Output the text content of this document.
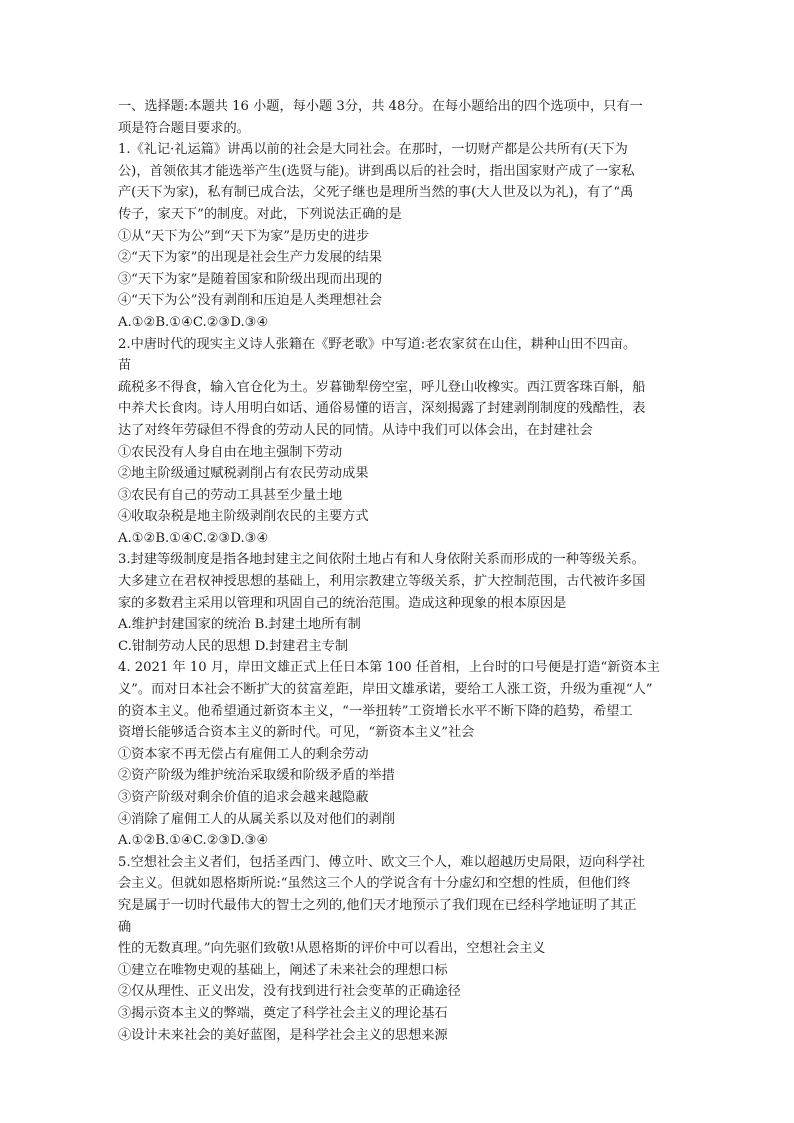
一、选择题:本题共 16 小题，每小题 3分，共 48分。在每小题给出的四个选项中，只有一
项是符合题目要求的。
1.《礼记·礼运篇》讲禹以前的社会是大同社会。在那时，一切财产都是公共所有(天下为
公)，首领依其才能选举产生(选贤与能)。讲到禹以后的社会时，指出国家财产成了一家私
产(天下为家)，私有制已成合法，父死子继也是理所当然的事(大人世及以为礼)，有了“禹
传子，家天下”的制度。对此，下列说法正确的是
①从“天下为公”到“天下为家”是历史的进步
②“天下为家”的出现是社会生产力发展的结果
③“天下为家”是随着国家和阶级出现而出现的
④“天下为公”没有剥削和压迫是人类理想社会
A.①②B.①④C.②③D.③④
2.中唐时代的现实主义诗人张籍在《野老歌》中写道:老农家贫在山住，耕种山田不四亩。
苗
疏税多不得食，输入官仓化为土。岁暮锄犁傍空室，呼儿登山收橡实。西江贾客珠百斛，船
中养犬长食肉。诗人用明白如话、通俗易懂的语言，深刻揭露了封建剥削制度的残酷性，表
达了对终年劳碌但不得食的劳动人民的同情。从诗中我们可以体会出，在封建社会
①农民没有人身自由在地主强制下劳动
②地主阶级通过赋税剥削占有农民劳动成果
③农民有自己的劳动工具甚至少量土地
④收取杂税是地主阶级剥削农民的主要方式
A.①②B.①④C.②③D.③④
3.封建等级制度是指各地封建主之间依附土地占有和人身依附关系而形成的一种等级关系。
大多建立在君权神授思想的基础上，利用宗教建立等级关系，扩大控制范围，古代被许多国
家的多数君主采用以管理和巩固自己的统治范围。造成这种现象的根本原因是
A.维护封建国家的统治 B.封建土地所有制
C.钳制劳动人民的思想 D.封建君主专制
4. 2021 年 10 月，岸田文雄正式上任日本第 100 任首相，上台时的口号便是打造“新资本主
义”。而对日本社会不断扩大的贫富差距，岸田文雄承诺，要给工人涨工资，升级为重视“人”
的资本主义。他希望通过新资本主义，“一举扭转”工资增长水平不断下降的趋势，希望工
资增长能够适合资本主义的新时代。可见，“新资本主义”社会
①资本家不再无偿占有雇佣工人的剩余劳动
②资产阶级为维护统治采取缓和阶级矛盾的举措
③资产阶级对剩余价值的追求会越来越隐蔽
④消除了雇佣工人的从属关系以及对他们的剥削
A.①②B.①④C.②③D.③④
5.空想社会主义者们，包括圣西门、傅立叶、欧文三个人，难以超越历史局限，迈向科学社
会主义。但就如恩格斯所说:“虽然这三个人的学说含有十分虚幻和空想的性质，但他们终
究是属于一切时代最伟大的智士之列的,他们天才地预示了我们现在已经科学地证明了其正
确
性的无数真理。”向先驱们致敬!从恩格斯的评价中可以看出，空想社会主义
①建立在唯物史观的基础上，阐述了未来社会的理想口标
②仅从理性、正义出发，没有找到进行社会变革的正确途径
③揭示资本主义的弊端，奠定了科学社会主义的理论基石
④设计未来社会的美好蓝图，是科学社会主义的思想来源
